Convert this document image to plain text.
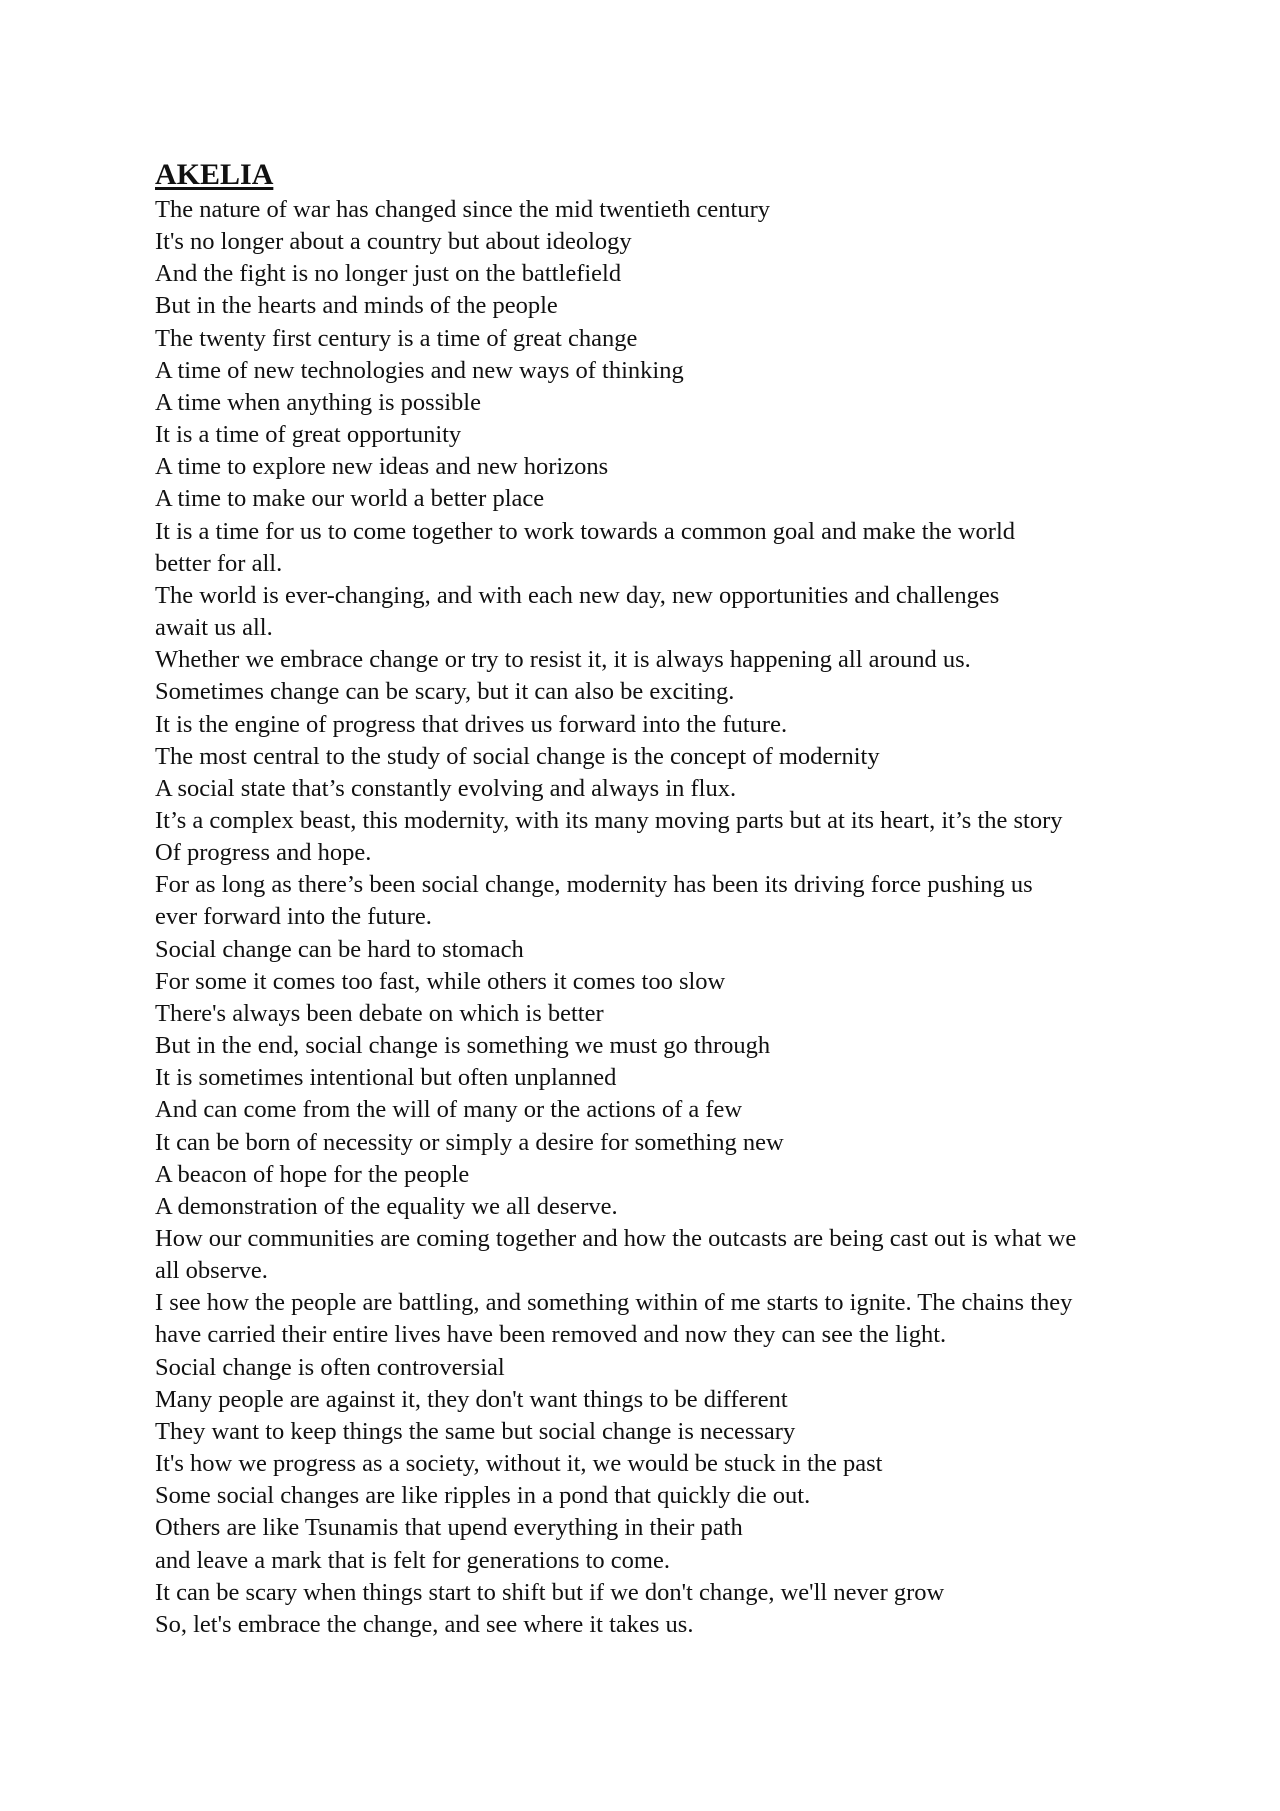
AKELIA

The nature of war has changed since the mid twentieth century

It's no longer about a country but about ideology

And the fight is no longer just on the battlefield

But in the hearts and minds of the people

The twenty first century is a time of great change

A time of new technologies and new ways of thinking

A time when anything is possible

It is a time of great opportunity

A time to explore new ideas and new horizons

A time to make our world a better place

It is a time for us to come together to work towards a common goal and make the world

better for all.

The world is ever-changing, and with each new day, new opportunities and challenges

await us all.

Whether we embrace change or try to resist it, it is always happening all around us.

Sometimes change can be scary, but it can also be exciting.

It is the engine of progress that drives us forward into the future.

The most central to the study of social change is the concept of modernity

A social state that’s constantly evolving and always in flux.

It’s a complex beast, this modernity, with its many moving parts but at its heart, it’s the story

Of progress and hope.

For as long as there’s been social change, modernity has been its driving force pushing us

ever forward into the future.

Social change can be hard to stomach

For some it comes too fast, while others it comes too slow

There's always been debate on which is better

But in the end, social change is something we must go through

It is sometimes intentional but often unplanned

And can come from the will of many or the actions of a few

It can be born of necessity or simply a desire for something new

A beacon of hope for the people

A demonstration of the equality we all deserve.

How our communities are coming together and how the outcasts are being cast out is what we

all observe.

I see how the people are battling, and something within of me starts to ignite. The chains they

have carried their entire lives have been removed and now they can see the light.

Social change is often controversial

Many people are against it, they don't want things to be different

They want to keep things the same but social change is necessary

It's how we progress as a society, without it, we would be stuck in the past

Some social changes are like ripples in a pond that quickly die out.

Others are like Tsunamis that upend everything in their path

and leave a mark that is felt for generations to come.

It can be scary when things start to shift but if we don't change, we'll never grow

So, let's embrace the change, and see where it takes us.
